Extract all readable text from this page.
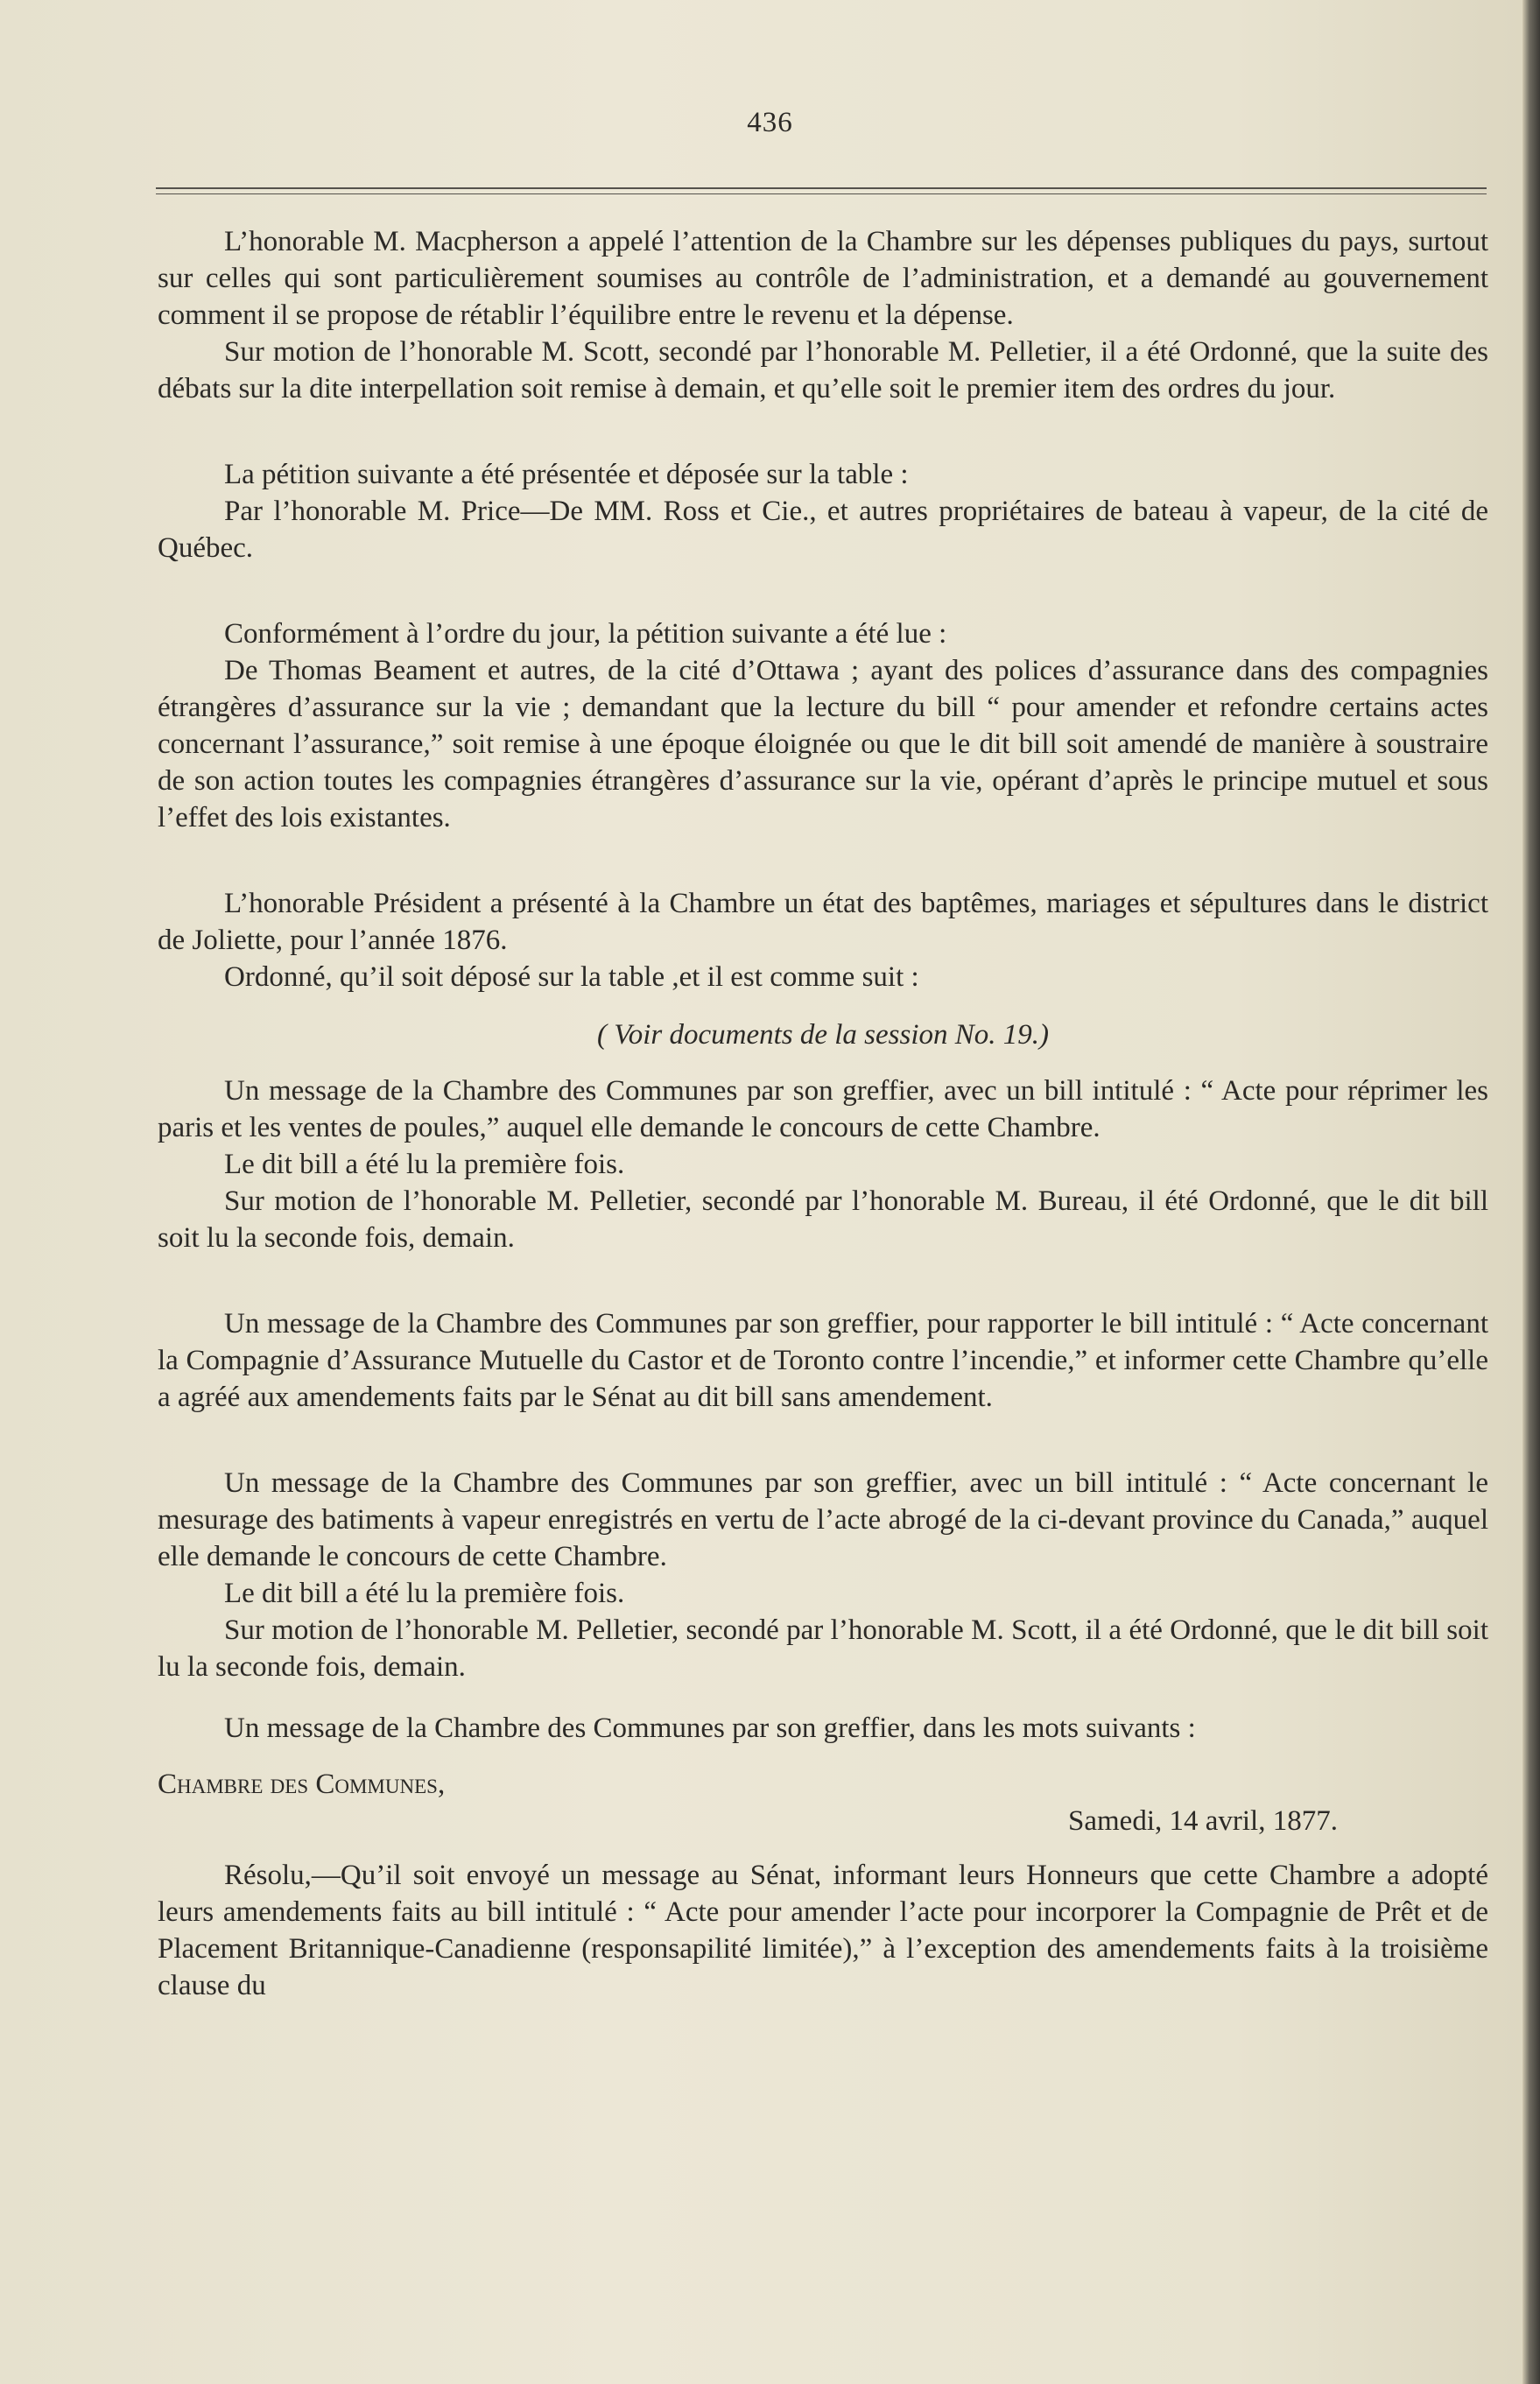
436

L’honorable M. Macpherson a appelé l’attention de la Chambre sur les dépenses publiques du pays, surtout sur celles qui sont particulièrement soumises au contrôle de l’administration, et a demandé au gouvernement comment il se propose de rétablir l’équilibre entre le revenu et la dépense.

Sur motion de l’honorable M. Scott, secondé par l’honorable M. Pelletier, il a été Ordonné, que la suite des débats sur la dite interpellation soit remise à demain, et qu’elle soit le premier item des ordres du jour.

La pétition suivante a été présentée et déposée sur la table :

Par l’honorable M. Price—De MM. Ross et Cie., et autres propriétaires de bateau à vapeur, de la cité de Québec.

Conformément à l’ordre du jour, la pétition suivante a été lue :

De Thomas Beament et autres, de la cité d’Ottawa ; ayant des polices d’assurance dans des compagnies étrangères d’assurance sur la vie ; demandant que la lecture du bill “ pour amender et refondre certains actes concernant l’assurance,” soit remise à une époque éloignée ou que le dit bill soit amendé de manière à soustraire de son action toutes les compagnies étrangères d’assurance sur la vie, opérant d’après le principe mutuel et sous l’effet des lois existantes.

L’honorable Président a présenté à la Chambre un état des baptêmes, mariages et sépultures dans le district de Joliette, pour l’année 1876.

Ordonné, qu’il soit déposé sur la table ,et il est comme suit :

( Voir documents de la session No. 19.)

Un message de la Chambre des Communes par son greffier, avec un bill intitulé : “ Acte pour réprimer les paris et les ventes de poules,” auquel elle demande le concours de cette Chambre.

Le dit bill a été lu la première fois.

Sur motion de l’honorable M. Pelletier, secondé par l’honorable M. Bureau, il été Ordonné, que le dit bill soit lu la seconde fois, demain.

Un message de la Chambre des Communes par son greffier, pour rapporter le bill intitulé : “ Acte concernant la Compagnie d’Assurance Mutuelle du Castor et de Toronto contre l’incendie,” et informer cette Chambre qu’elle a agréé aux amendements faits par le Sénat au dit bill sans amendement.

Un message de la Chambre des Communes par son greffier, avec un bill intitulé : “ Acte concernant le mesurage des batiments à vapeur enregistrés en vertu de l’acte abrogé de la ci-devant province du Canada,” auquel elle demande le concours de cette Chambre.

Le dit bill a été lu la première fois.

Sur motion de l’honorable M. Pelletier, secondé par l’honorable M. Scott, il a été Ordonné, que le dit bill soit lu la seconde fois, demain.

Un message de la Chambre des Communes par son greffier, dans les mots suivants :

Chambre des Communes,

Samedi, 14 avril, 1877.

Résolu,—Qu’il soit envoyé un message au Sénat, informant leurs Honneurs que cette Chambre a adopté leurs amendements faits au bill intitulé : “ Acte pour amender l’acte pour incorporer la Compagnie de Prêt et de Placement Britannique-Canadienne (responsapilité limitée),” à l’exception des amendements faits à la troisième clause du
